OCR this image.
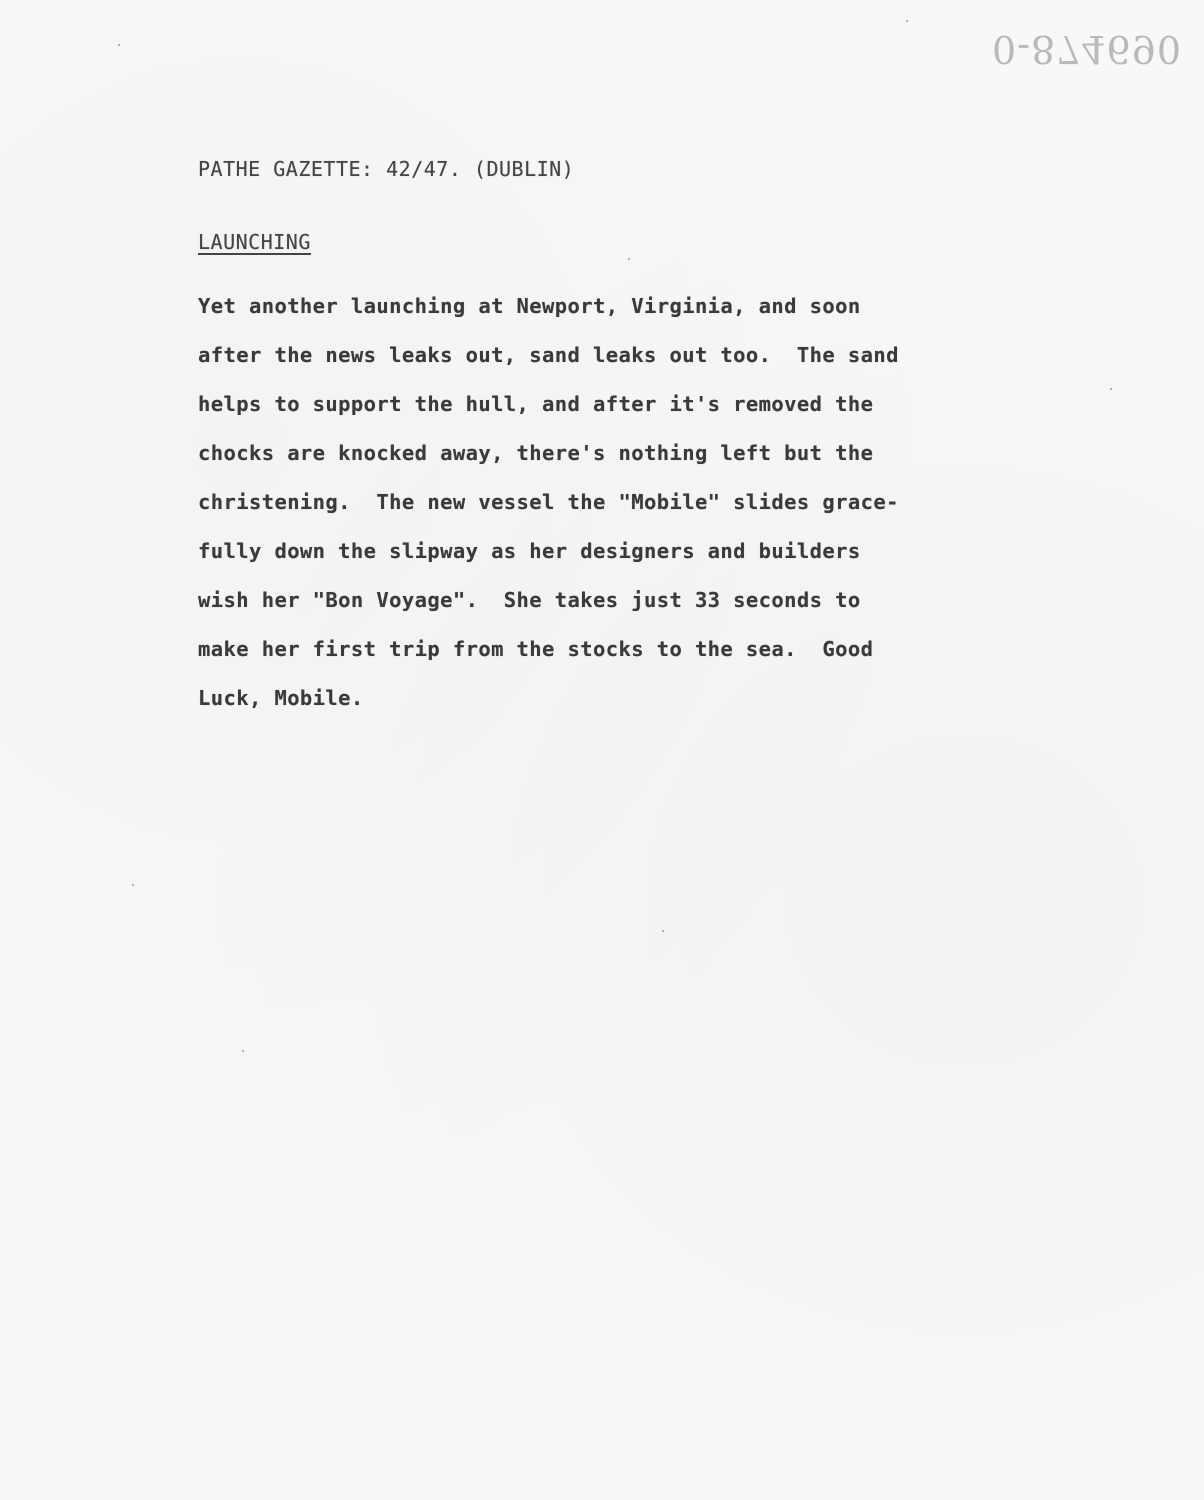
0-874690
PATHE GAZETTE: 42/47. (DUBLIN)
LAUNCHING
Yet another launching at Newport, Virginia, and soon
after the news leaks out, sand leaks out too.  The sand
helps to support the hull, and after it's removed the
chocks are knocked away, there's nothing left but the
christening.  The new vessel the "Mobile" slides grace-
fully down the slipway as her designers and builders
wish her "Bon Voyage".  She takes just 33 seconds to
make her first trip from the stocks to the sea.  Good
Luck, Mobile.
